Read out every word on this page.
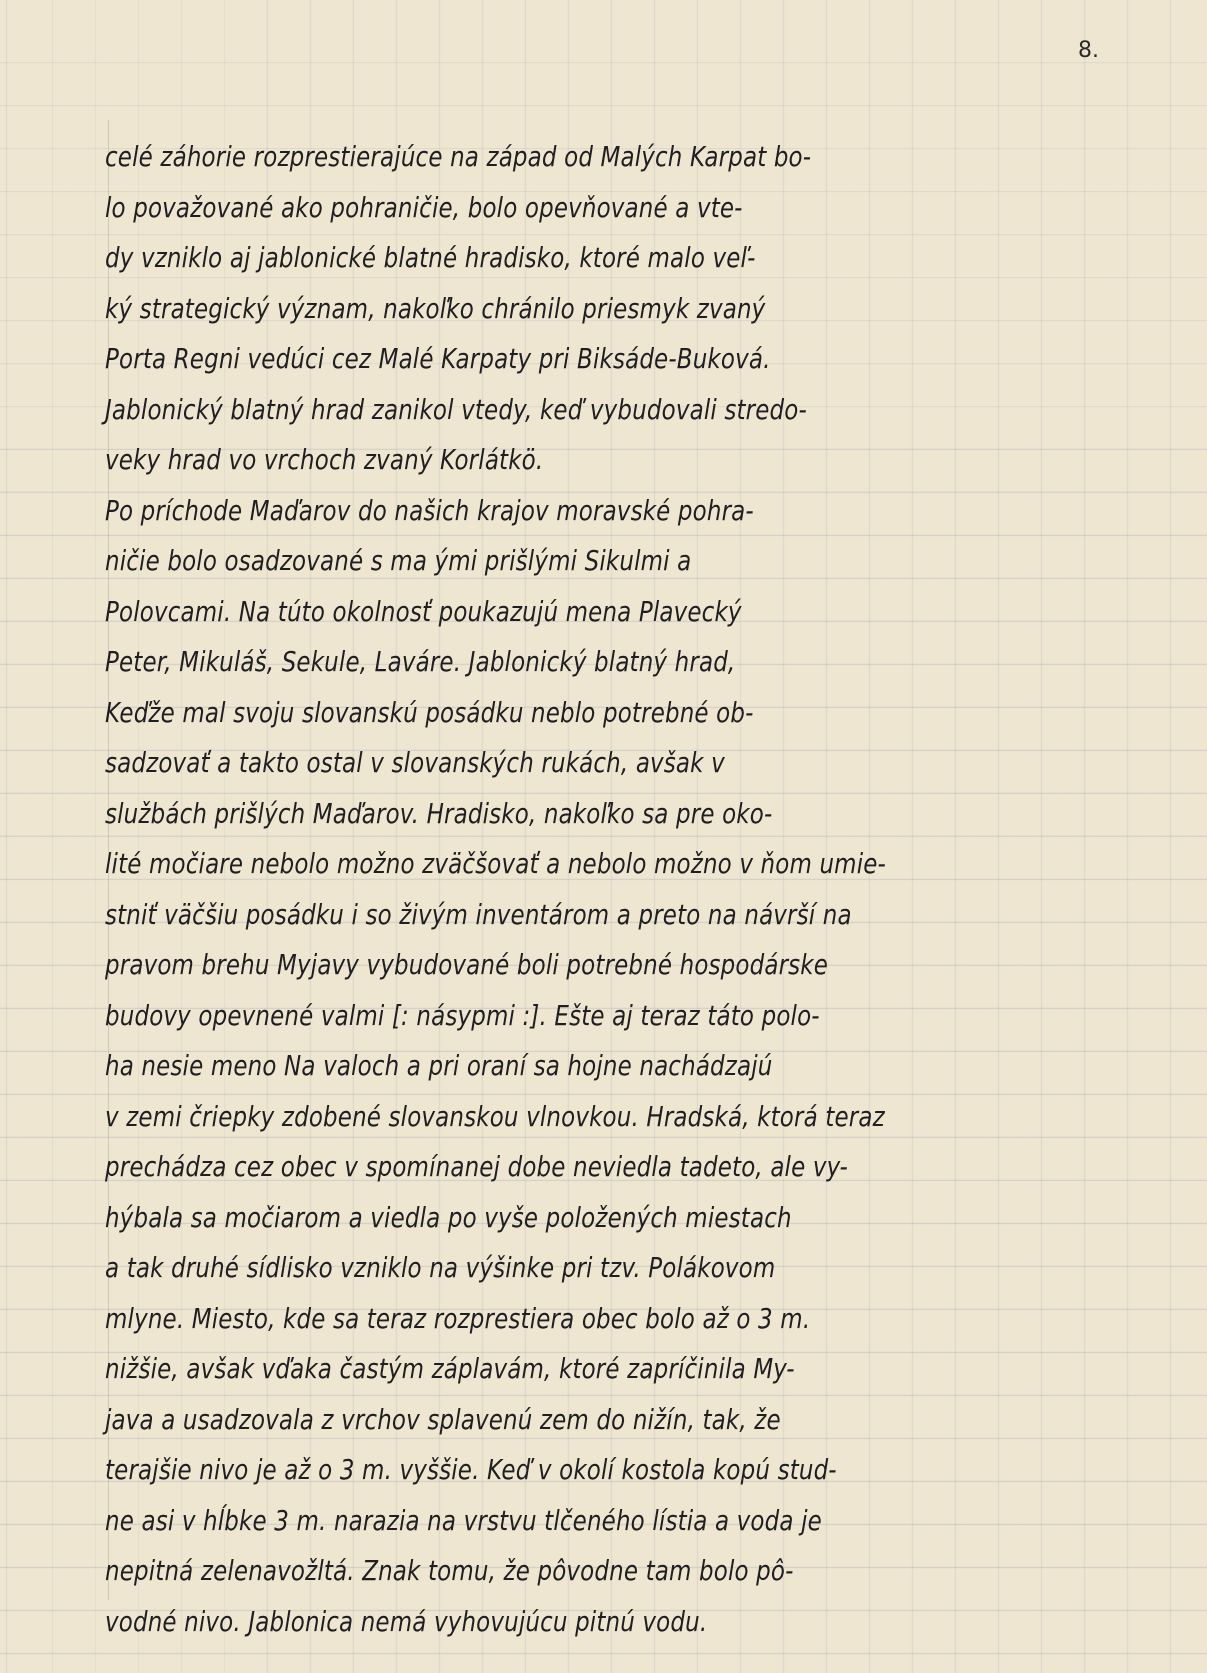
8.
celé záhorie rozprestierajúce na západ od Malých Karpat bo-
lo považované ako pohraničie, bolo opevňované a vte-
dy vzniklo aj jablonické blatné hradisko, ktoré malo veľ-
ký strategický význam, nakoľko chránilo priesmyk zvaný
Porta Regni vedúci cez Malé Karpaty pri Biksáde-Buková.
Jablonický blatný hrad zanikol vtedy, keď vybudovali stredo-
veky hrad vo vrchoch zvaný Korlátkö.
Po príchode Maďarov do našich krajov moravské pohra-
ničie bolo osadzované s ma ými prišlými Sikulmi a
Polovcami. Na túto okolnosť poukazujú mena Plavecký
Peter, Mikuláš, Sekule, Laváre. Jablonický blatný hrad,
Keďže mal svoju slovanskú posádku neblo potrebné ob-
sadzovať a takto ostal v slovanských rukách, avšak v
službách prišlých Maďarov. Hradisko, nakoľko sa pre oko-
lité močiare nebolo možno zväčšovať a nebolo možno v ňom umie-
stniť väčšiu posádku i so živým inventárom a preto na návrší na
pravom brehu Myjavy vybudované boli potrebné hospodárske
budovy opevnené valmi [: násypmi :]. Ešte aj teraz táto polo-
ha nesie meno Na valoch a pri oraní sa hojne nachádzajú
v zemi čriepky zdobené slovanskou vlnovkou. Hradská, ktorá teraz
prechádza cez obec v spomínanej dobe neviedla tadeto, ale vy-
hýbala sa močiarom a viedla po vyše položených miestach
a tak druhé sídlisko vzniklo na výšinke pri tzv. Polákovom
mlyne. Miesto, kde sa teraz rozprestiera obec bolo až o 3 m.
nižšie, avšak vďaka častým záplavám, ktoré zapríčinila My-
java a usadzovala z vrchov splavenú zem do nižín, tak, že
terajšie nivo je až o 3 m. vyššie. Keď v okolí kostola kopú stud-
ne asi v hĺbke 3 m. narazia na vrstvu tlčeného lístia a voda je
nepitná zelenavožltá. Znak tomu, že pôvodne tam bolo pô-
vodné nivo. Jablonica nemá vyhovujúcu pitnú vodu.
